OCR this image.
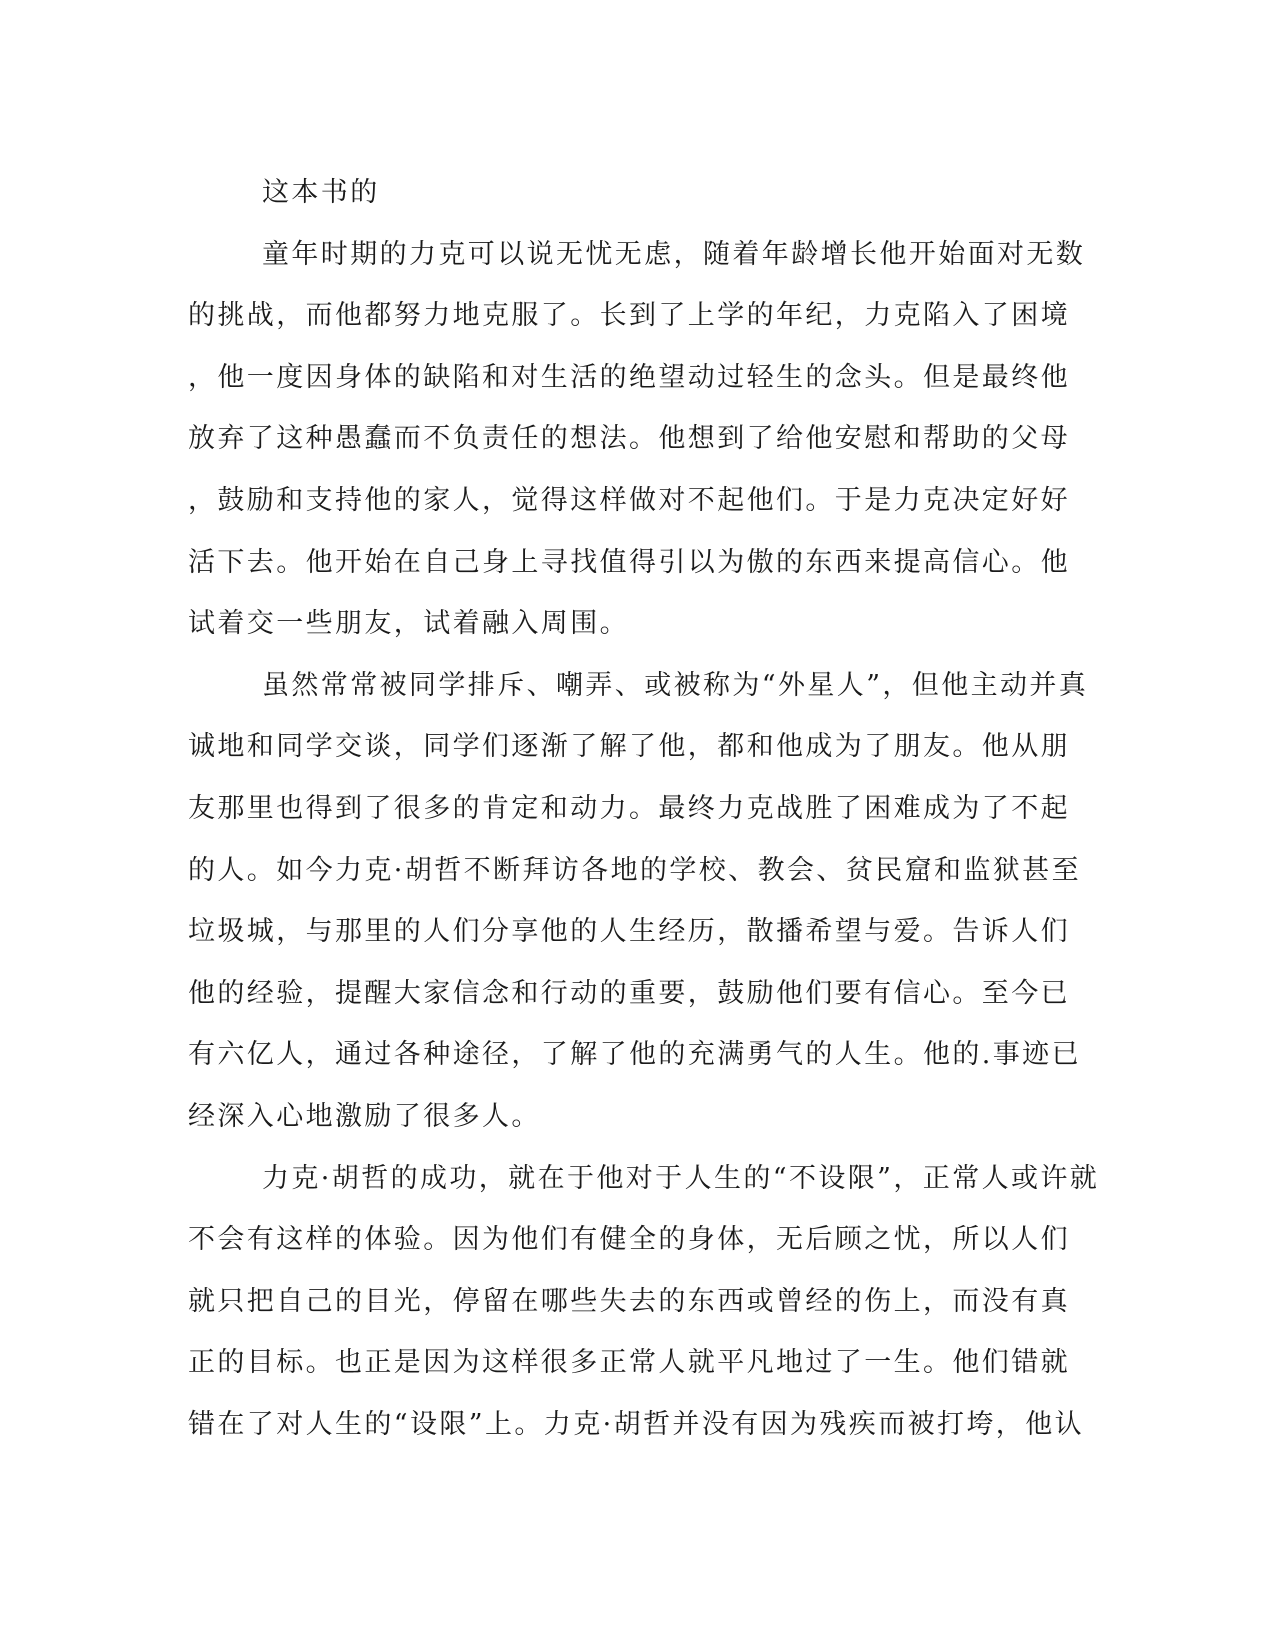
这本书的
童年时期的力克可以说无忧无虑，随着年龄增长他开始面对无数
的挑战，而他都努力地克服了。长到了上学的年纪，力克陷入了困境
，他一度因身体的缺陷和对生活的绝望动过轻生的念头。但是最终他
放弃了这种愚蠢而不负责任的想法。他想到了给他安慰和帮助的父母
，鼓励和支持他的家人，觉得这样做对不起他们。于是力克决定好好
活下去。他开始在自己身上寻找值得引以为傲的东西来提高信心。他
试着交一些朋友，试着融入周围。
虽然常常被同学排斥、嘲弄、或被称为“外星人”，但他主动并真
诚地和同学交谈，同学们逐渐了解了他，都和他成为了朋友。他从朋
友那里也得到了很多的肯定和动力。最终力克战胜了困难成为了不起
的人。如今力克·胡哲不断拜访各地的学校、教会、贫民窟和监狱甚至
垃圾城，与那里的人们分享他的人生经历，散播希望与爱。告诉人们
他的经验，提醒大家信念和行动的重要，鼓励他们要有信心。至今已
有六亿人，通过各种途径，了解了他的充满勇气的人生。他的.事迹已
经深入心地激励了很多人。
力克·胡哲的成功，就在于他对于人生的“不设限”，正常人或许就
不会有这样的体验。因为他们有健全的身体，无后顾之忧，所以人们
就只把自己的目光，停留在哪些失去的东西或曾经的伤上，而没有真
正的目标。也正是因为这样很多正常人就平凡地过了一生。他们错就
错在了对人生的“设限”上。力克·胡哲并没有因为残疾而被打垮，他认
